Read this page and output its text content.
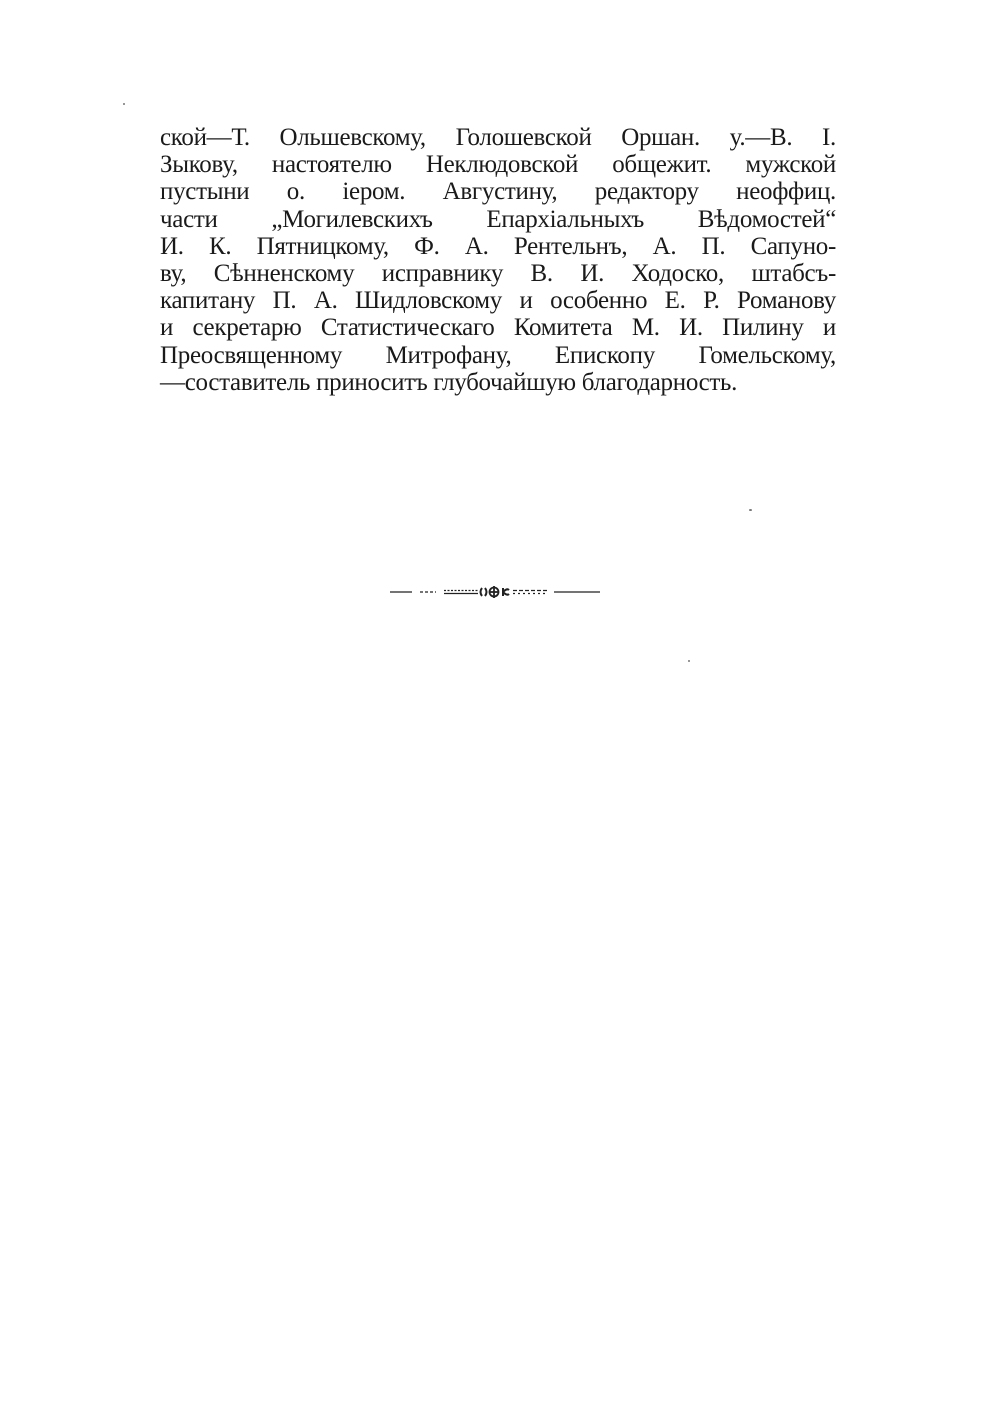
ской—Т. Ольшевскому, Голошевской Оршан. у.—В. І.
Зыкову, настоятелю Неклюдовской общежит. мужской
пустыни о. іером. Августину, редактору неоффиц.
части „Могилевскихъ Епархіальныхъ Вѣдомостей“
И. К. Пятницкому, Ф. А. Рентельнъ, А. П. Сапуно-
ву, Сѣнненскому исправнику В. И. Ходоско, штабсъ-
капитану П. А. Шидловскому и особенно Е. Р. Романову
и секретарю Статистическаго Комитета М. И. Пилину и
Преосвященному Митрофану, Епископу Гомельскому,
—составитель приноситъ глубочайшую благодарность.
